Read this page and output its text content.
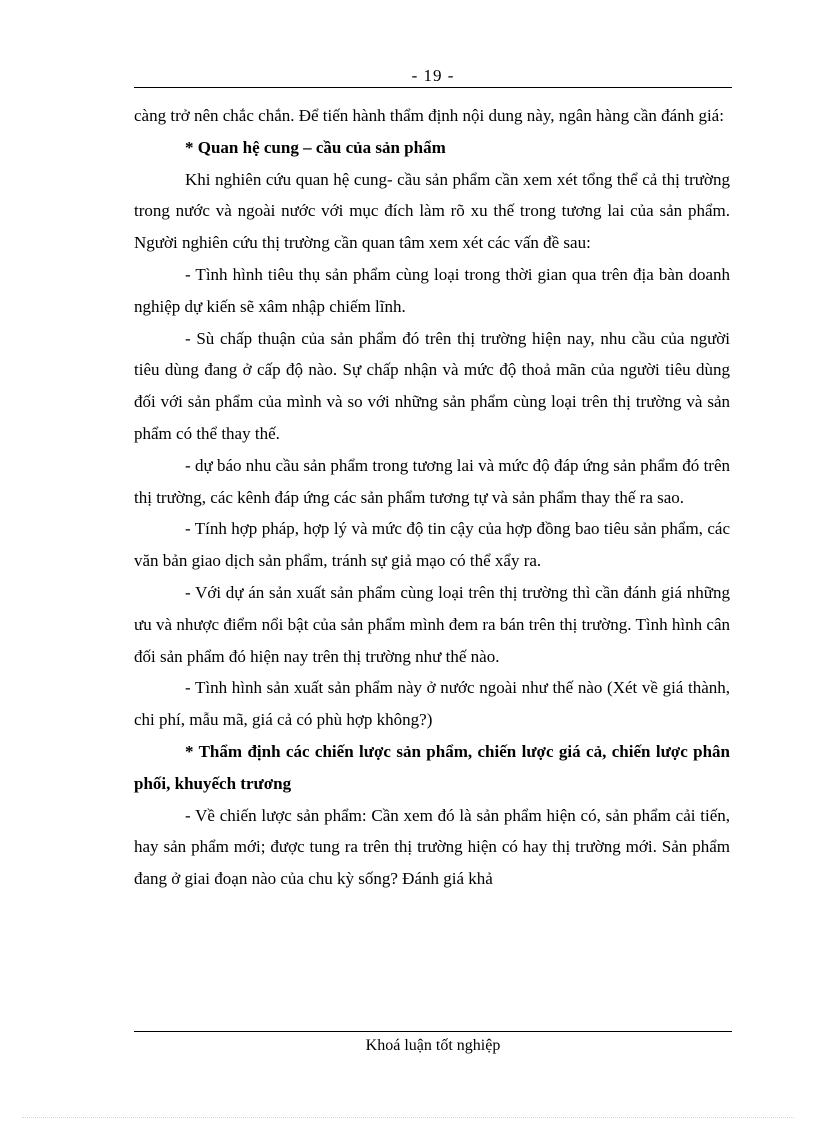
- 19 -

càng trở nên chắc chắn. Để tiến hành thẩm định nội dung này, ngân hàng cần đánh giá:

* Quan hệ cung – cầu của sản phẩm

Khi nghiên cứu quan hệ cung- cầu sản phẩm cần xem xét tổng thể cả thị trường trong nước và ngoài nước với mục đích làm rõ xu thế trong tương lai của sản phẩm. Người nghiên cứu thị trường cần quan tâm xem xét các vấn đề sau:

- Tình hình tiêu thụ sản phẩm cùng loại trong thời gian qua trên địa bàn doanh nghiệp dự kiến sẽ xâm nhập chiếm lĩnh.

- Sù chấp thuận của sản phẩm đó trên thị trường hiện nay, nhu cầu của người tiêu dùng đang ở cấp độ nào. Sự chấp nhận và mức độ thoả mãn của người tiêu dùng đối với sản phẩm của mình và so với những sản phẩm cùng loại trên thị trường và sản phẩm có thể thay thế.

- dự báo nhu cầu sản phẩm trong tương lai và mức độ đáp ứng sản phẩm đó trên thị trường, các kênh đáp ứng các sản phẩm tương tự và sản phẩm thay thế ra sao.

- Tính hợp pháp, hợp lý và mức độ tin cậy của hợp đồng bao tiêu sản phẩm, các văn bản giao dịch sản phẩm, tránh sự giả mạo có thể xẩy ra.

- Với dự án sản xuất sản phẩm cùng loại trên thị trường thì cần đánh giá những ưu và nhược điểm nổi bật của sản phẩm mình đem ra bán trên thị trường. Tình hình cân đối sản phẩm đó hiện nay trên thị trường như thế nào.

- Tình hình sản xuất sản phẩm này ở nước ngoài như thế nào (Xét về giá thành, chi phí, mẫu mã, giá cả có phù hợp không?)

* Thẩm định các chiến lược sản phẩm, chiến lược giá cả, chiến lược phân phối, khuyếch trương

- Về chiến lược sản phẩm: Cần xem đó là sản phẩm hiện có, sản phẩm cải tiến, hay sản phẩm mới; được tung ra trên thị trường hiện có hay thị trường mới. Sản phẩm đang ở giai đoạn nào của chu kỳ sống? Đánh giá khả

Khoá luận tốt nghiệp
